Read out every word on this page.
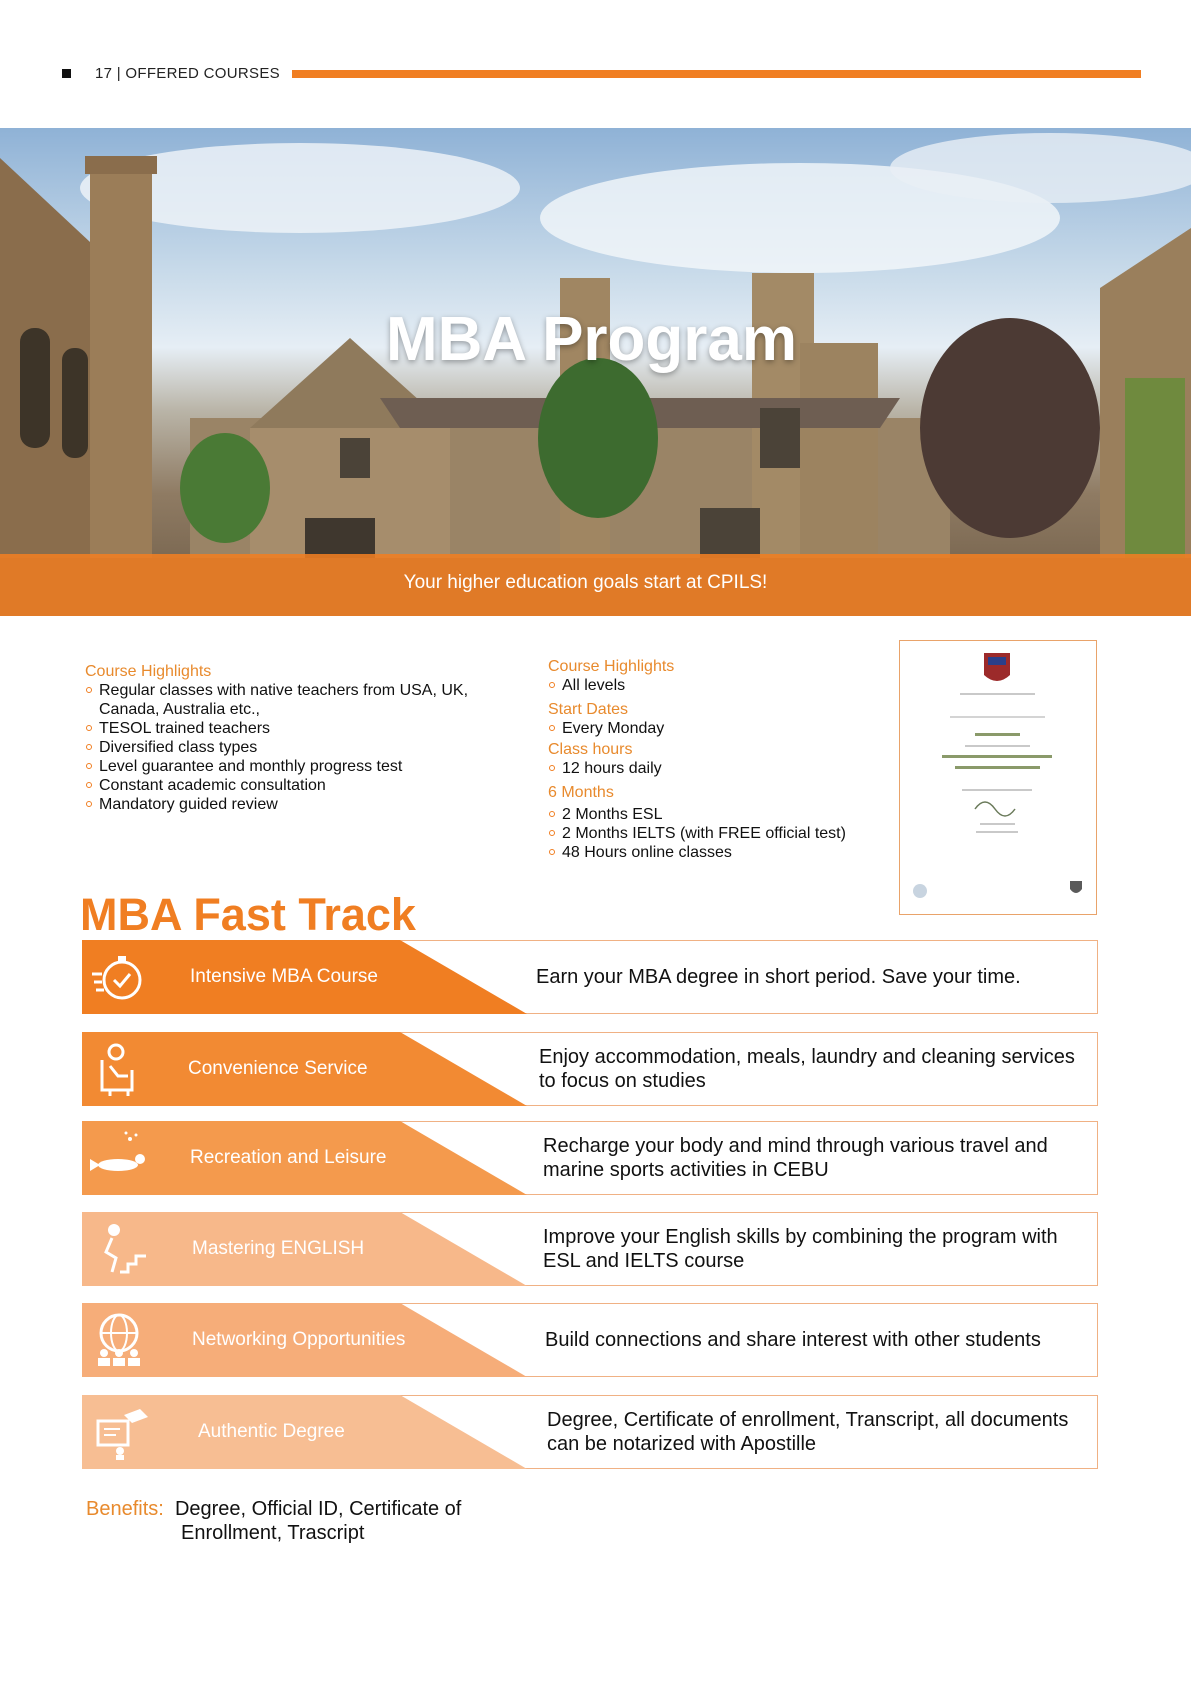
17 | OFFERED COURSES
MBA Program
Your higher education goals start at CPILS!
Course Highlights
Regular classes with native teachers from USA, UK, Canada, Australia etc.,
TESOL trained teachers
Diversified class types
Level guarantee and monthly progress test
Constant academic consultation
Mandatory guided review
Course Highlights
All levels
Start Dates
Every Monday
Class hours
12 hours daily
6 Months
2 Months ESL
2 Months IELTS (with FREE official test)
48 Hours online classes
MBA Fast Track
Intensive MBA Course	Earn your MBA degree in short period. Save your time.
Convenience Service
Enjoy accommodation, meals, laundry and cleaning services to focus on studies
Recreation and Leisure
Recharge your body and mind through various travel and marine sports activities in CEBU
Mastering ENGLISH
Improve your English skills by combining the program with ESL and IELTS course
Networking Opportunities	Build connections and share interest with other students
Authentic Degree
Degree, Certificate of enrollment, Transcript, all documents can be notarized with Apostille
Benefits: Degree, Official ID, Certificate of
Enrollment, Trascript
